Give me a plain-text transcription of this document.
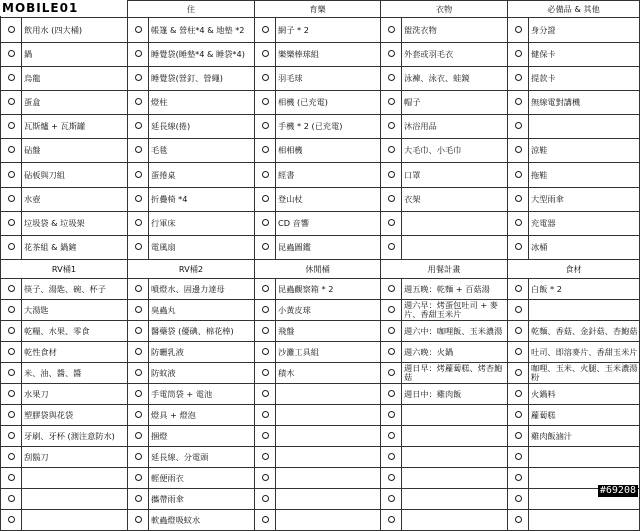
		住		育樂		衣物		必備品 & 其他	
	飲用水 (四大桶)		帳篷 & 營柱*4 & 地墊 *2		網子 * 2		盥洗衣物		身分證
	鍋		睡覺袋(睡墊*4 & 睡袋*4)		樂樂棒球組		外套或羽毛衣		健保卡
	烏龍		睡覺袋(營釘、營繩)		羽毛球		泳褲、泳衣、蛙鏡		提款卡
	蛋盒		燈柱		相機 (已充電)		帽子		無線電對講機
	瓦斯爐 + 瓦斯罐		延長線(捲)		手機 * 2 (已充電)		沐浴用品		
	砧盤		毛毯		相相機		大毛巾、小毛巾		涼鞋
	砧板與刀組		蛋捲桌		經書		口罩		拖鞋
	水壺		折疊椅 *4		登山杖		衣架		大型雨傘
	垃圾袋 & 垃圾架		行軍床		CD 音響				充電器
	花茶組 & 鍋鏟		電風扇		昆蟲圖鑑				冰桶
RV桶1		RV桶2		休閒桶		用餐計畫		食材	
	筷子、湯匙、碗、杯子		噴燈水、固邊力達母		昆蟲觀察箱 * 2		週五晚：乾麵 + 百菇湯		白飯 * 2
	大湯匙		臭蟲丸		小黃皮球		週六早：烤蛋包吐司 + 麥片、香甜玉米片		
	乾糧、水果、零食		醫藥袋 (優碘、棉花棒)		飛盤		週六中：咖哩飯、玉米濃湯		乾麵、香菇、金針菇、杏鮑菇
	乾性食材		防曬乳液		沙灘工具組		週六晚：火鍋		吐司、即溶麥片、香甜玉米片
	米、油、醬、醬		防蚊液		積木		週日早：烤蘿蔔糕、烤杏鮑菇		咖哩、玉米、火腿、玉米濃湯粉
	水果刀		手電筒袋 + 電池				週日中：雞肉飯		火鍋料
	塑膠袋與花袋		燈具 + 燈泡						蘿蔔糕
	牙刷、牙杯 (測注意防水)		捆燈						雞肉飯滷汁
	刮鬍刀		延長線、分電頭						
			輕便雨衣						
			攜帶雨傘						
			軟蟲燈吸蚊水						
MOBILE01
#69208
